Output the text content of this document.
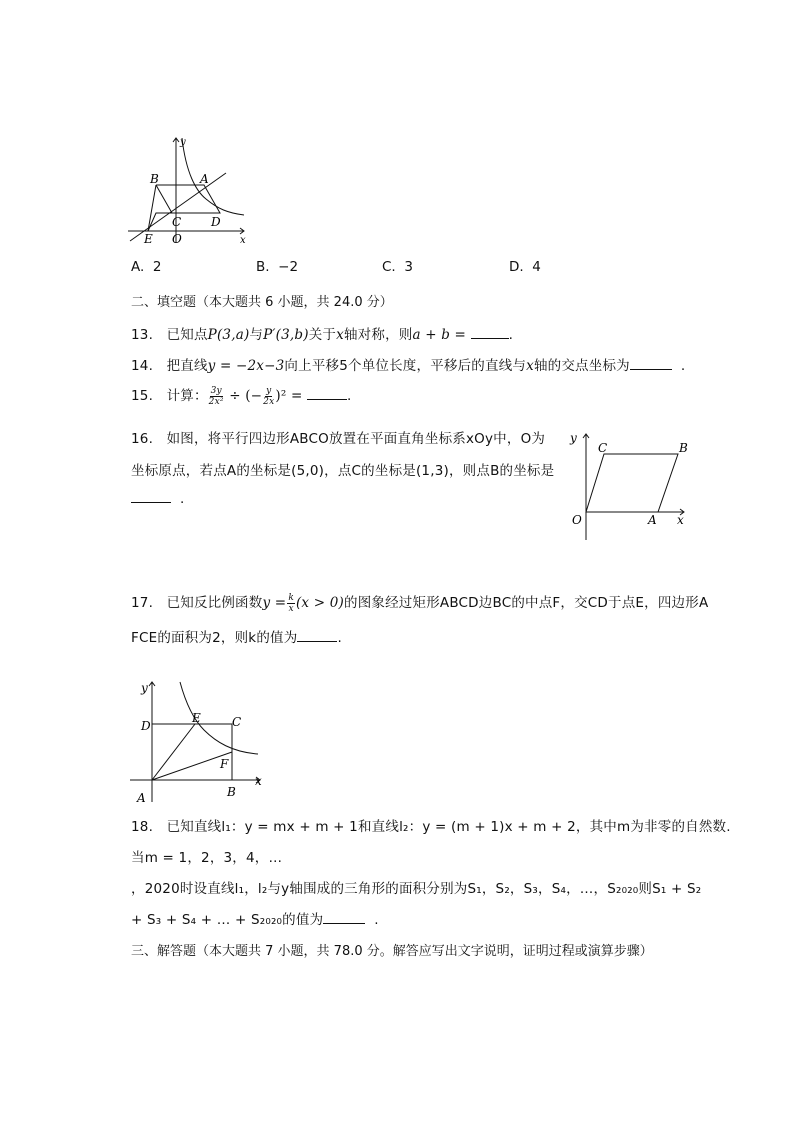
y
x
B	A
C D
E O
A. 2	B. −2	C. 3	D. 4
二、填空题（本大题共 6 小题，共 24.0 分）
13. 已知点P(3,a)与P′(3,b)关于x轴对称，则a + b =	.
14. 把直线y = −2x−3向上平移5个单位长度，平移后的直线与x轴的交点坐标为	.
15. 计算： $\frac{3y}{\text{2x²}}$ ÷ (− $\frac{y}{2x} )^2$ =	.
16. 如图，将平行四边形ABCO放置在平面直角坐标系xOy中，O为
坐标原点，若点A的坐标是(5,0)，点C的坐标是(1,3)，则点B的坐标是
.
y
C	B
O	A x
17. 已知反比例函数$y = \frac{k}{x} (x > 0)$的图象经过矩形ABCD边BC的中点F，交CD于点E，四边形A
FCE的面积为2，则k的值为	.
y
D
E	C
F
x
A	B
18. 已知直线l₁：y = mx + m + 1和直线l₂：y = (m + 1)x + m + 2，其中m为非零的自然数.
当m = 1，2，3，4，…
，2020时设直线l₁，l₂与y轴围成的三角形的面积分别为S₁，S₂，S₃，S₄，…，S₂₀₂₀则S₁ + S₂
+ S₃ + S₄ + … + S₂₀₂₀的值为	.
三、解答题（本大题共 7 小题，共 78.0 分。解答应写出文字说明，证明过程或演算步骤）
